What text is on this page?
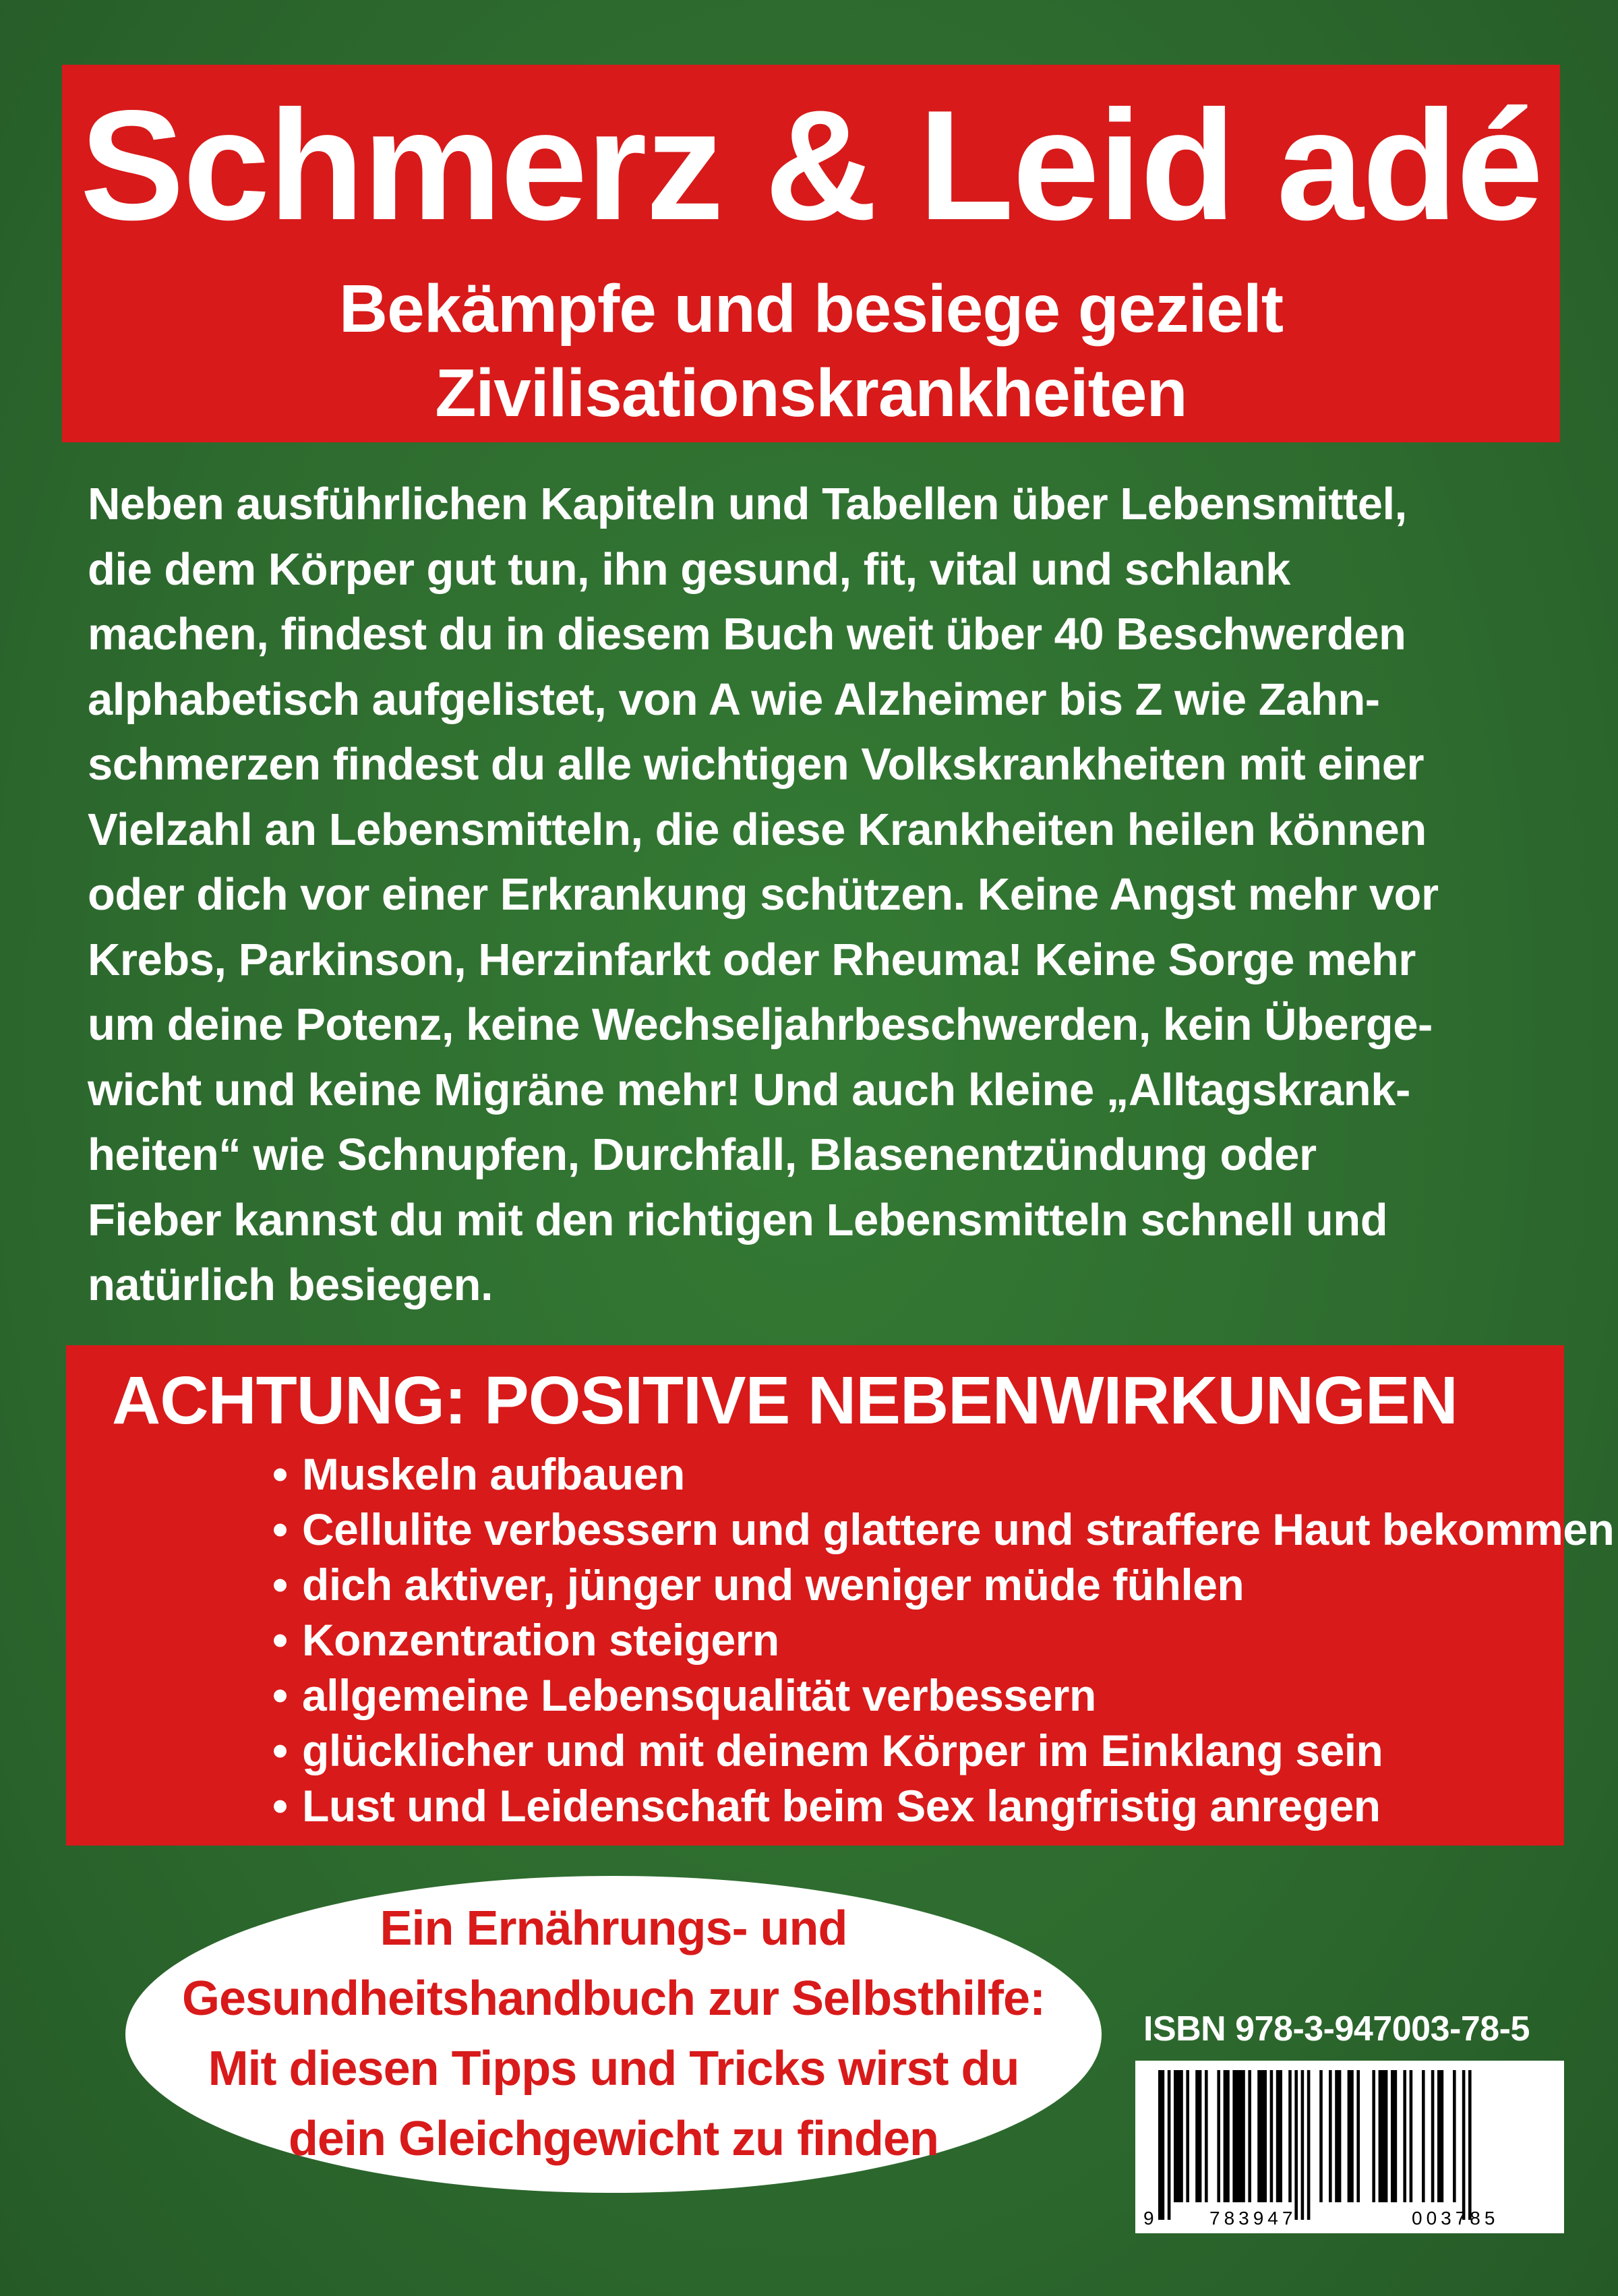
Schmerz & Leid adé
Bekämpfe und besiege gezielt
Zivilisationskrankheiten
Neben ausführlichen Kapiteln und Tabellen über Lebensmittel,
die dem Körper gut tun, ihn gesund, fit, vital und schlank
machen, findest du in diesem Buch weit über 40 Beschwerden
alphabetisch aufgelistet, von A wie Alzheimer bis Z wie Zahn-
schmerzen findest du alle wichtigen Volkskrankheiten mit einer
Vielzahl an Lebensmitteln, die diese Krankheiten heilen können
oder dich vor einer Erkrankung schützen. Keine Angst mehr vor
Krebs, Parkinson, Herzinfarkt oder Rheuma! Keine Sorge mehr
um deine Potenz, keine Wechseljahrbeschwerden, kein Überge-
wicht und keine Migräne mehr! Und auch kleine „Alltagskrank-
heiten“ wie Schnupfen, Durchfall, Blasenentzündung oder
Fieber kannst du mit den richtigen Lebensmitteln schnell und
natürlich besiegen.
ACHTUNG: POSITIVE NEBENWIRKUNGEN
• Muskeln aufbauen
• Cellulite verbessern und glattere und straffere Haut bekommen
• dich aktiver, jünger und weniger müde fühlen
• Konzentration steigern
• allgemeine Lebensqualität verbessern
• glücklicher und mit deinem Körper im Einklang sein
• Lust und Leidenschaft beim Sex langfristig anregen
Ein Ernährungs- und
Gesundheitshandbuch zur Selbsthilfe:
Mit diesen Tipps und Tricks wirst du
dein Gleichgewicht zu finden
ISBN 978-3-947003-78-5
9	783947	003785
